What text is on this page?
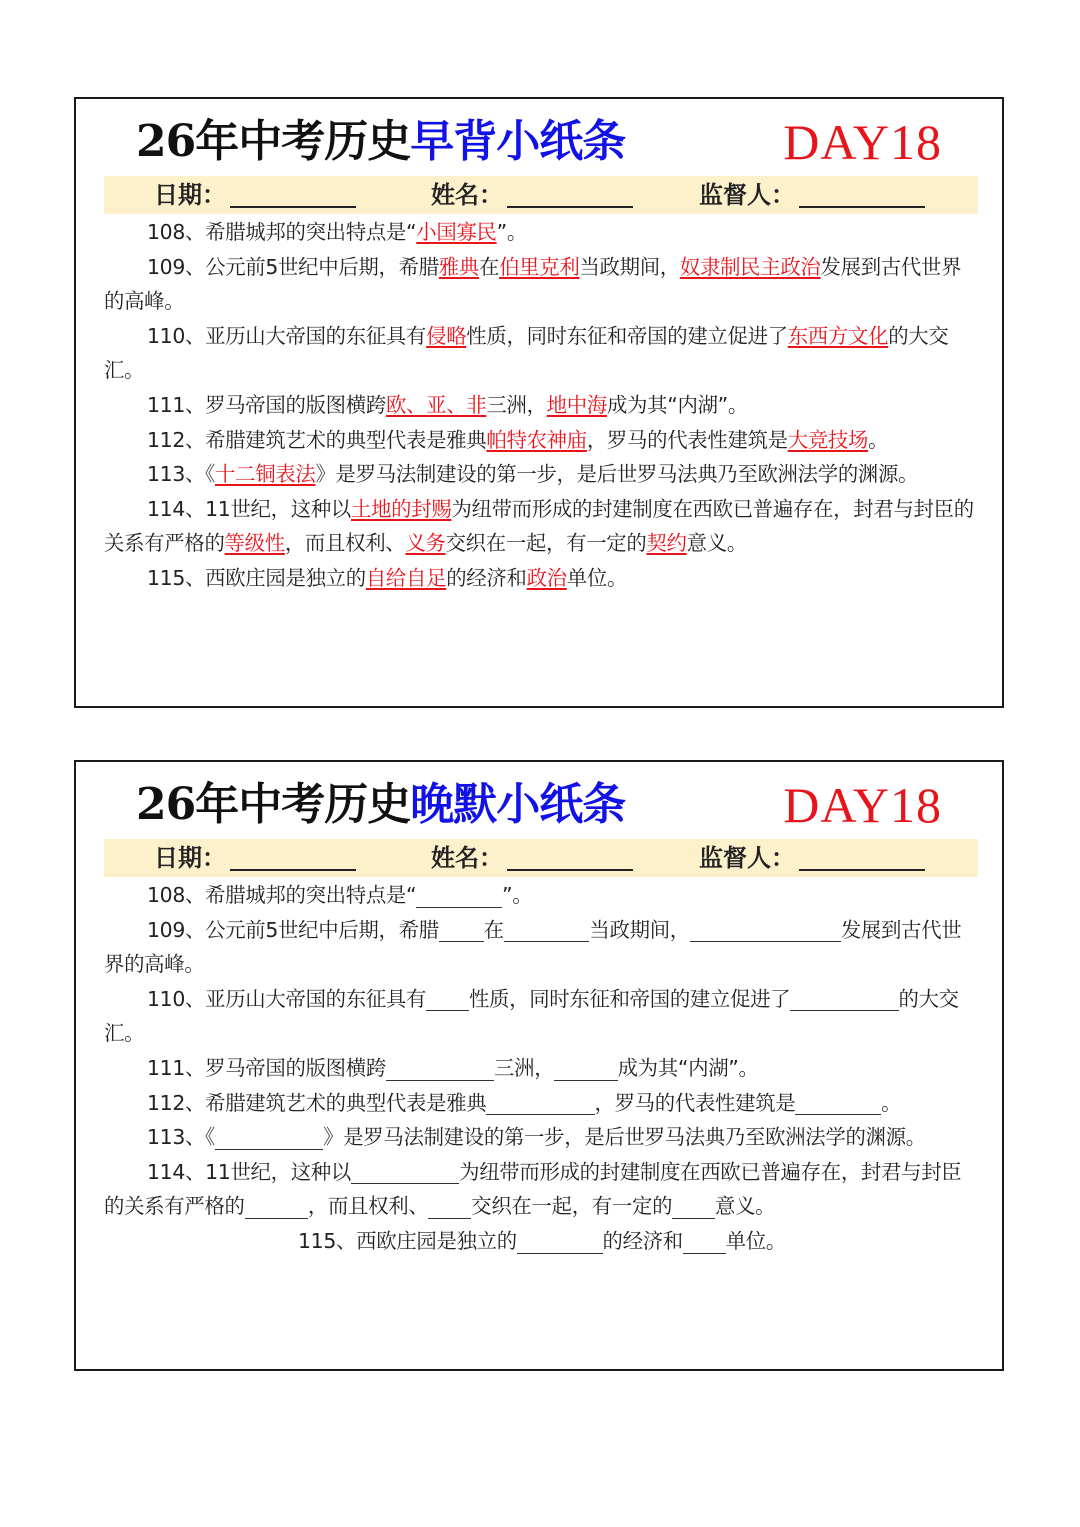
26年中考历史早背小纸条	DAY18
日期：	姓名：	监督人：

108、希腊城邦的突出特点是“小国寡民”。

109、公元前5世纪中后期，希腊雅典在伯里克利当政期间，奴隶制民主政治发展到古代世界的高峰。

110、亚历山大帝国的东征具有侵略性质，同时东征和帝国的建立促进了东西方文化的大交汇。

111、罗马帝国的版图横跨欧、亚、非三洲，地中海成为其“内湖”。

112、希腊建筑艺术的典型代表是雅典帕特农神庙，罗马的代表性建筑是大竞技场。

113、《十二铜表法》是罗马法制建设的第一步，是后世罗马法典乃至欧洲法学的渊源。

114、11世纪，这种以土地的封赐为纽带而形成的封建制度在西欧已普遍存在，封君与封臣的关系有严格的等级性，而且权利、义务交织在一起，有一定的契约意义。

115、西欧庄园是独立的自给自足的经济和政治单位。

26年中考历史晚默小纸条	DAY18
日期：	姓名：	监督人：

108、希腊城邦的突出特点是“	”。

109、公元前5世纪中后期，希腊 在	当政期间，	发展到古代世界的高峰。

110、亚历山大帝国的东征具有 性质，同时东征和帝国的建立促进了	的大交汇。

111、罗马帝国的版图横跨	三洲，	成为其“内湖”。

112、希腊建筑艺术的典型代表是雅典	，罗马的代表性建筑是	。

113、《	》是罗马法制建设的第一步，是后世罗马法典乃至欧洲法学的渊源。

114、11世纪，这种以	为纽带而形成的封建制度在西欧已普遍存在，封君与封臣的关系有严格的	，而且权利、 交织在一起，有一定的 意义。

115、西欧庄园是独立的	的经济和 单位。
